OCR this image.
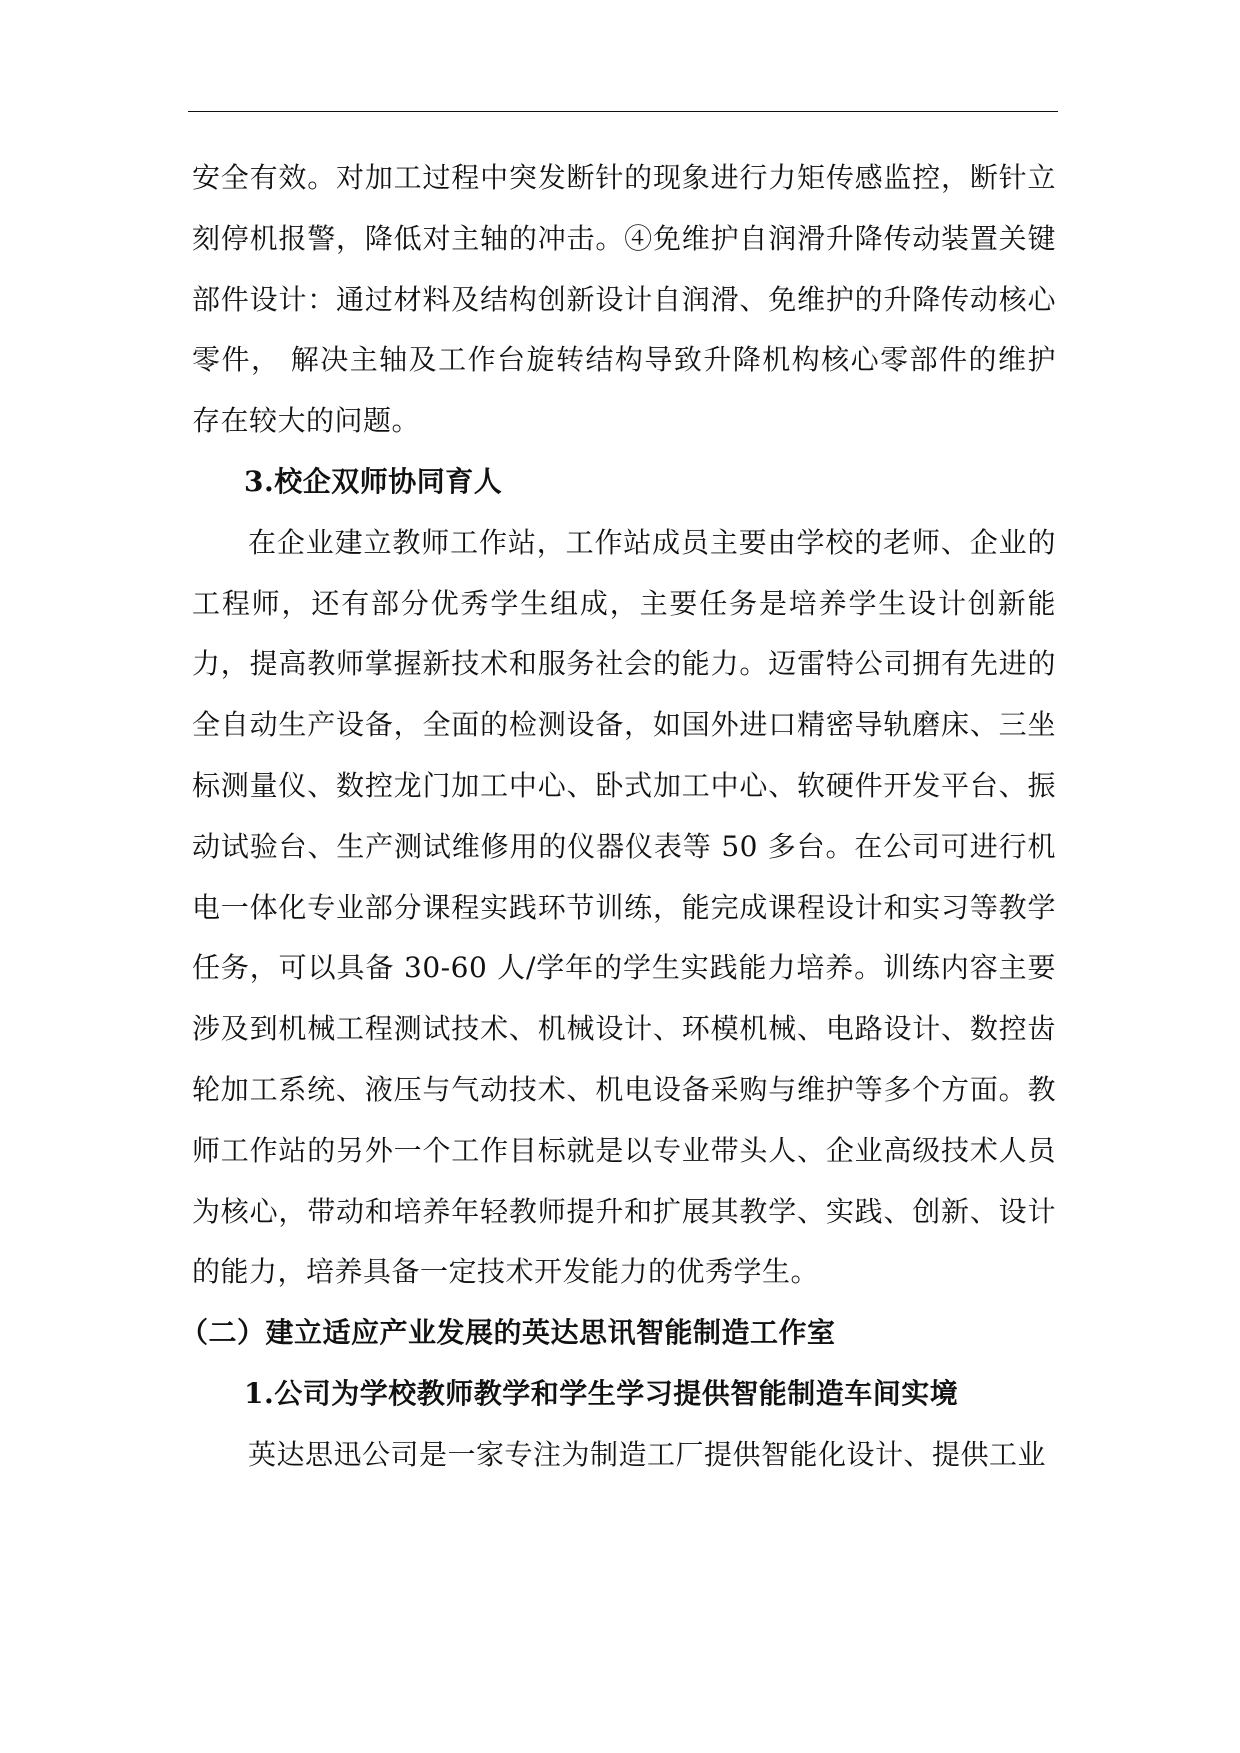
安全有效。对加工过程中突发断针的现象进行力矩传感监控，断针立刻停机报警，降低对主轴的冲击。④免维护自润滑升降传动装置关键部件设计：通过材料及结构创新设计自润滑、免维护的升降传动核心零件， 解决主轴及工作台旋转结构导致升降机构核心零部件的维护存在较大的问题。

3.校企双师协同育人

在企业建立教师工作站，工作站成员主要由学校的老师、企业的工程师，还有部分优秀学生组成，主要任务是培养学生设计创新能力，提高教师掌握新技术和服务社会的能力。迈雷特公司拥有先进的全自动生产设备，全面的检测设备，如国外进口精密导轨磨床、三坐标测量仪、数控龙门加工中心、卧式加工中心、软硬件开发平台、振动试验台、生产测试维修用的仪器仪表等 50 多台。在公司可进行机电一体化专业部分课程实践环节训练，能完成课程设计和实习等教学任务，可以具备 30-60 人/学年的学生实践能力培养。训练内容主要涉及到机械工程测试技术、机械设计、环模机械、电路设计、数控齿轮加工系统、液压与气动技术、机电设备采购与维护等多个方面。教师工作站的另外一个工作目标就是以专业带头人、企业高级技术人员为核心，带动和培养年轻教师提升和扩展其教学、实践、创新、设计的能力，培养具备一定技术开发能力的优秀学生。

（二）建立适应产业发展的英达思讯智能制造工作室

1.公司为学校教师教学和学生学习提供智能制造车间实境

英达思迅公司是一家专注为制造工厂提供智能化设计、提供工业
